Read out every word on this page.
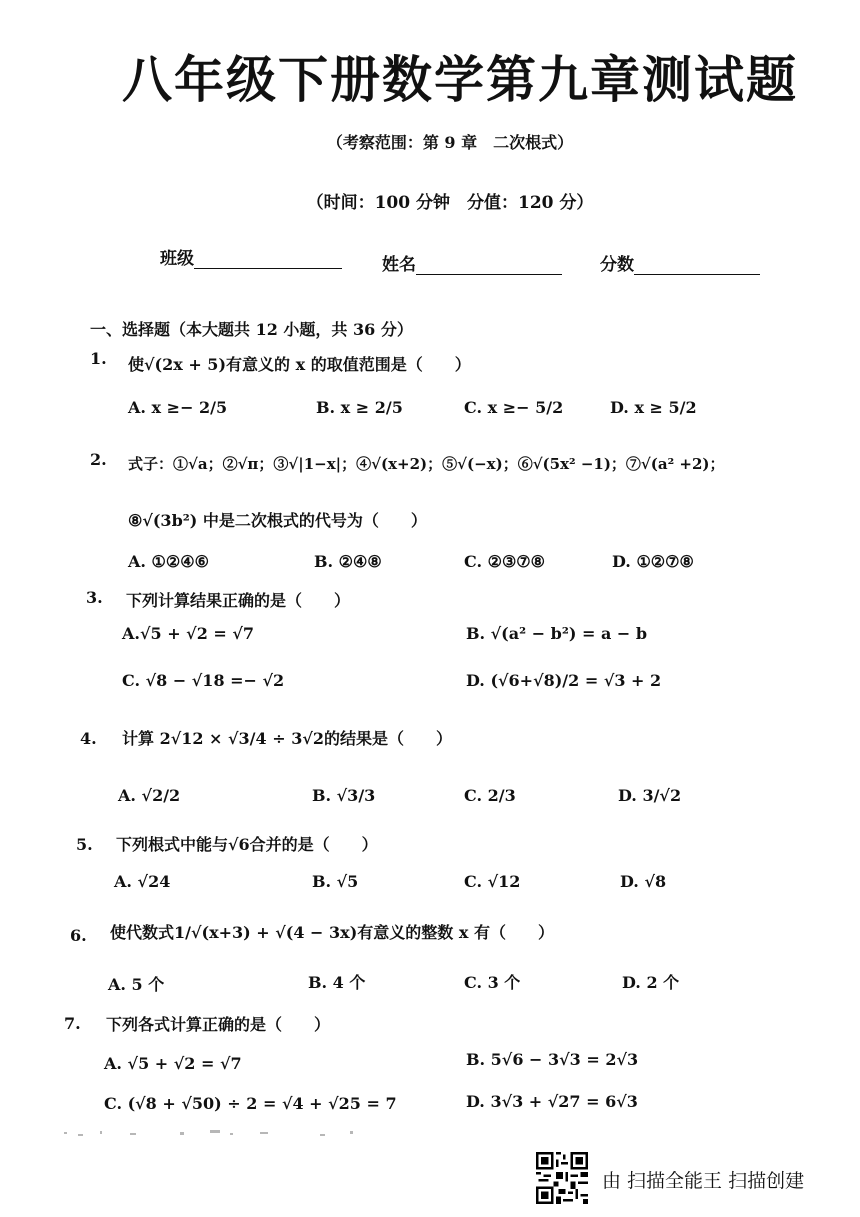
八年级下册数学第九章测试题
（考察范围：第 9 章　二次根式）
（时间：100 分钟　分值：120 分）
班级	姓名	分数
一、选择题（本大题共 12 小题，共 36 分）
1. 使√(2x + 5)有意义的 x 的取值范围是（　　）
A. x ≥− 2/5	B. x ≥ 2/5	C. x ≥− 5/2	D. x ≥ 5/2
2. 式子：①√a；②√π；③√|1−x|；④√(x+2)；⑤√(−x)；⑥√(5x² −1)；⑦√(a² +2)；
⑧√(3b²) 中是二次根式的代号为（　　）
A. ①②④⑥	B. ②④⑧	C. ②③⑦⑧	D. ①②⑦⑧
3. 下列计算结果正确的是（　　）
A.√5 + √2 = √7	B. √(a² − b²) = a − b
C. √8 − √18 =− √2	D. (√6+√8)/2 = √3 + 2
4. 计算 2√12 × √3/4 ÷ 3√2的结果是（　　）
A. √2/2	B. √3/3	C. 2/3	D. 3/√2
5. 下列根式中能与√6合并的是（　　）
A. √24	B. √5	C. √12	D. √8
6. 使代数式1/√(x+3) + √(4 − 3x)有意义的整数 x 有（　　）
A. 5 个	B. 4 个	C. 3 个	D. 2 个
7. 下列各式计算正确的是（　　）
A. √5 + √2 = √7	B. 5√6 − 3√3 = 2√3
C. (√8 + √50) ÷ 2 = √4 + √25 = 7	D. 3√3 + √27 = 6√3
由 扫描全能王 扫描创建
